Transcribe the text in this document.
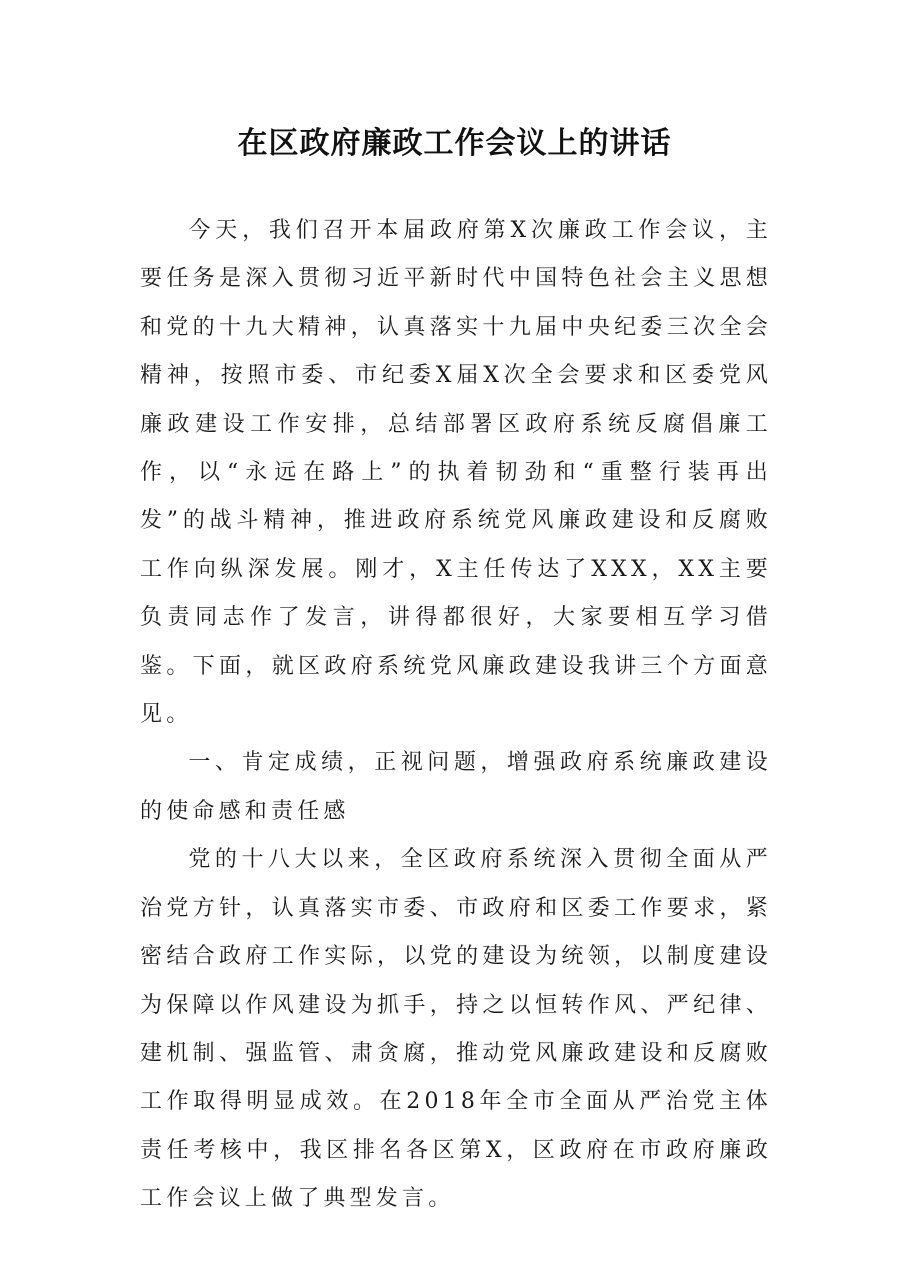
在区政府廉政工作会议上的讲话

今天，我们召开本届政府第X次廉政工作会议，主要任务是深入贯彻习近平新时代中国特色社会主义思想和党的十九大精神，认真落实十九届中央纪委三次全会精神，按照市委、市纪委X届X次全会要求和区委党风廉政建设工作安排，总结部署区政府系统反腐倡廉工作，以“永远在路上”的执着韧劲和“重整行装再出发”的战斗精神，推进政府系统党风廉政建设和反腐败工作向纵深发展。刚才，X主任传达了XXX，XX主要负责同志作了发言，讲得都很好，大家要相互学习借鉴。下面，就区政府系统党风廉政建设我讲三个方面意见。

一、肯定成绩，正视问题，增强政府系统廉政建设的使命感和责任感

党的十八大以来，全区政府系统深入贯彻全面从严治党方针，认真落实市委、市政府和区委工作要求，紧密结合政府工作实际，以党的建设为统领，以制度建设为保障以作风建设为抓手，持之以恒转作风、严纪律、建机制、强监管、肃贪腐，推动党风廉政建设和反腐败工作取得明显成效。在2018年全市全面从严治党主体责任考核中，我区排名各区第X，区政府在市政府廉政工作会议上做了典型发言。
